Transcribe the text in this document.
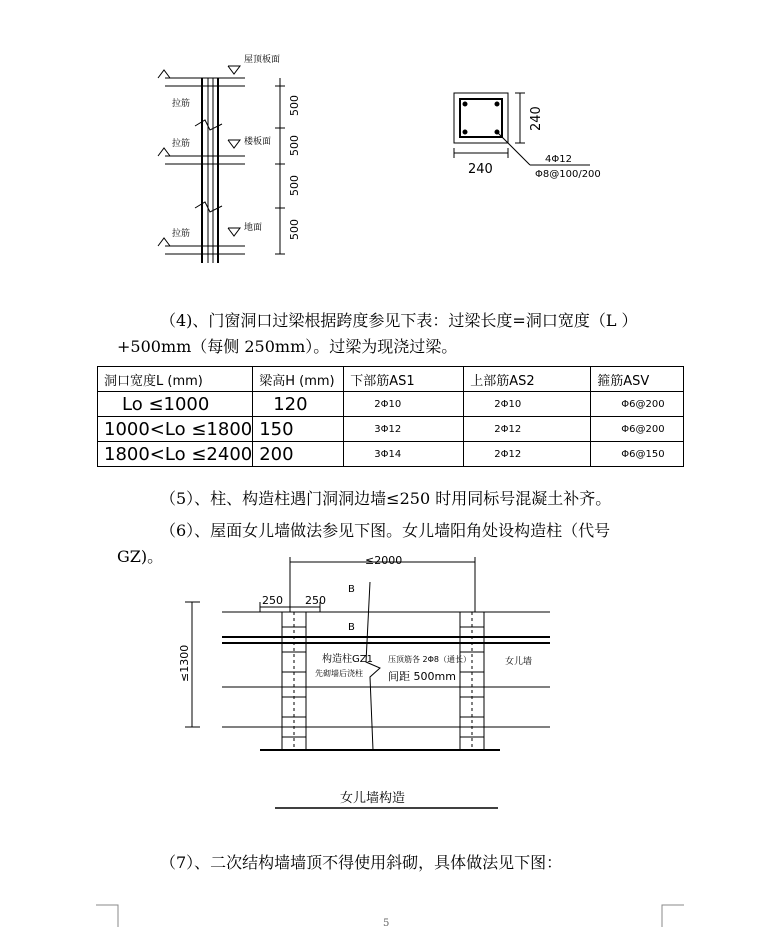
屋顶板面
楼板面
地面
拉筋
拉筋
拉筋
500
500
500
500
240
240
4Φ12
Φ8@100/200
（4)、门窗洞口过梁根据跨度参见下表：过梁长度=洞口宽度（L ）
+500mm（每侧 250mm）。过梁为现浇过梁。
洞口宽度L (mm)	梁高H (mm)	下部筋AS1	上部筋AS2	箍筋ASV
Lo ≤1000	120	2Φ10	2Φ10	Φ6@200
1000<Lo ≤1800	150	3Φ12	2Φ12	Φ6@200
1800<Lo ≤2400	200	3Φ14	2Φ12	Φ6@150
（5）、柱、构造柱遇门洞洞边墙≤250 时用同标号混凝土补齐。
（6）、屋面女儿墙做法参见下图。女儿墙阳角处设构造柱（代号
GZ)。	≤2000
250 250
≤1300
B
B
构造柱GZ1
先砌墙后浇柱
压顶筋各 2Φ8（通长）
间距 500mm
女儿墙
女儿墙构造
（7）、二次结构墙墙顶不得使用斜砌，具体做法见下图：
5
